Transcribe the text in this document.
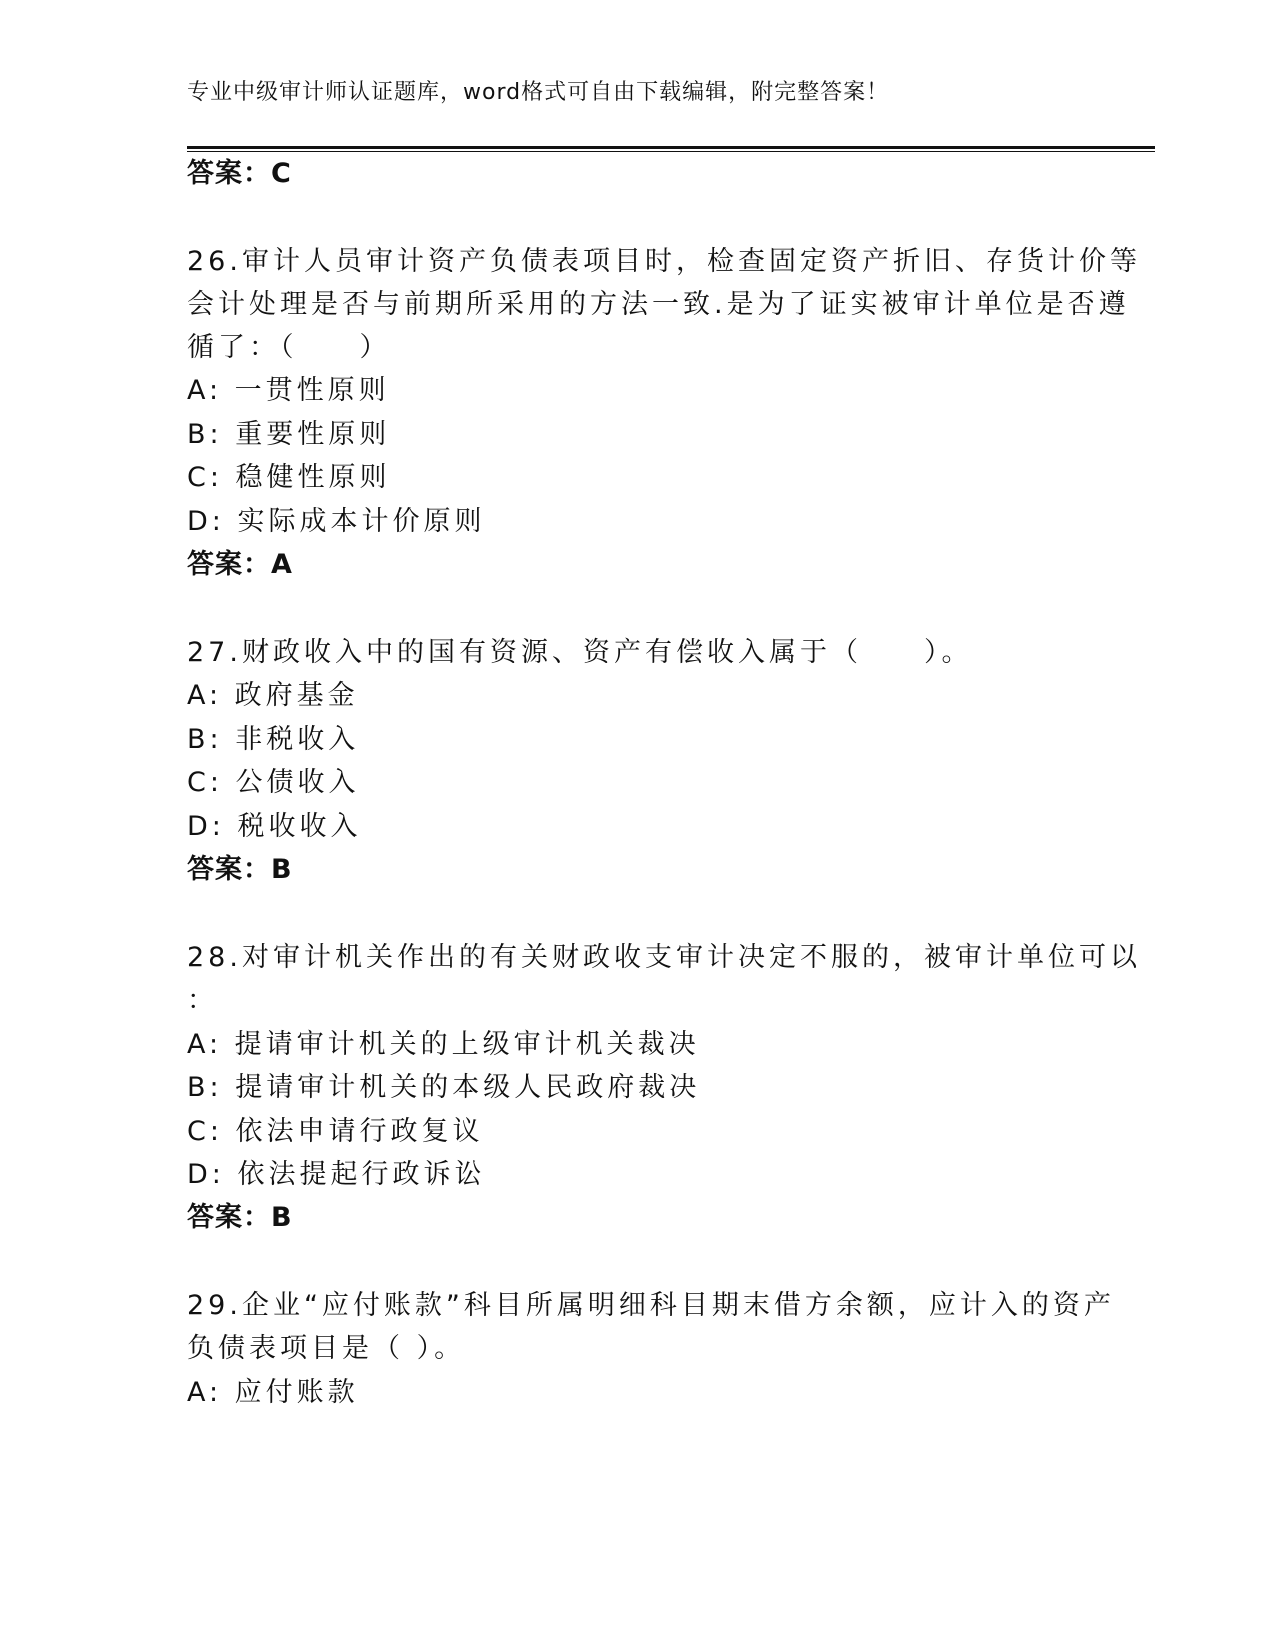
专业中级审计师认证题库，word格式可自由下载编辑，附完整答案！
答案：C
26.审计人员审计资产负债表项目时，检查固定资产折旧、存货计价等
会计处理是否与前期所采用的方法一致.是为了证实被审计单位是否遵
循了：（　　）
A: 一贯性原则
B: 重要性原则
C: 稳健性原则
D: 实际成本计价原则
答案：A
27.财政收入中的国有资源、资产有偿收入属于（　　）。
A: 政府基金
B: 非税收入
C: 公债收入
D: 税收收入
答案：B
28.对审计机关作出的有关财政收支审计决定不服的，被审计单位可以
：
A: 提请审计机关的上级审计机关裁决
B: 提请审计机关的本级人民政府裁决
C: 依法申请行政复议
D: 依法提起行政诉讼
答案：B
29.企业“应付账款”科目所属明细科目期末借方余额，应计入的资产
负债表项目是（ ）。
A: 应付账款
